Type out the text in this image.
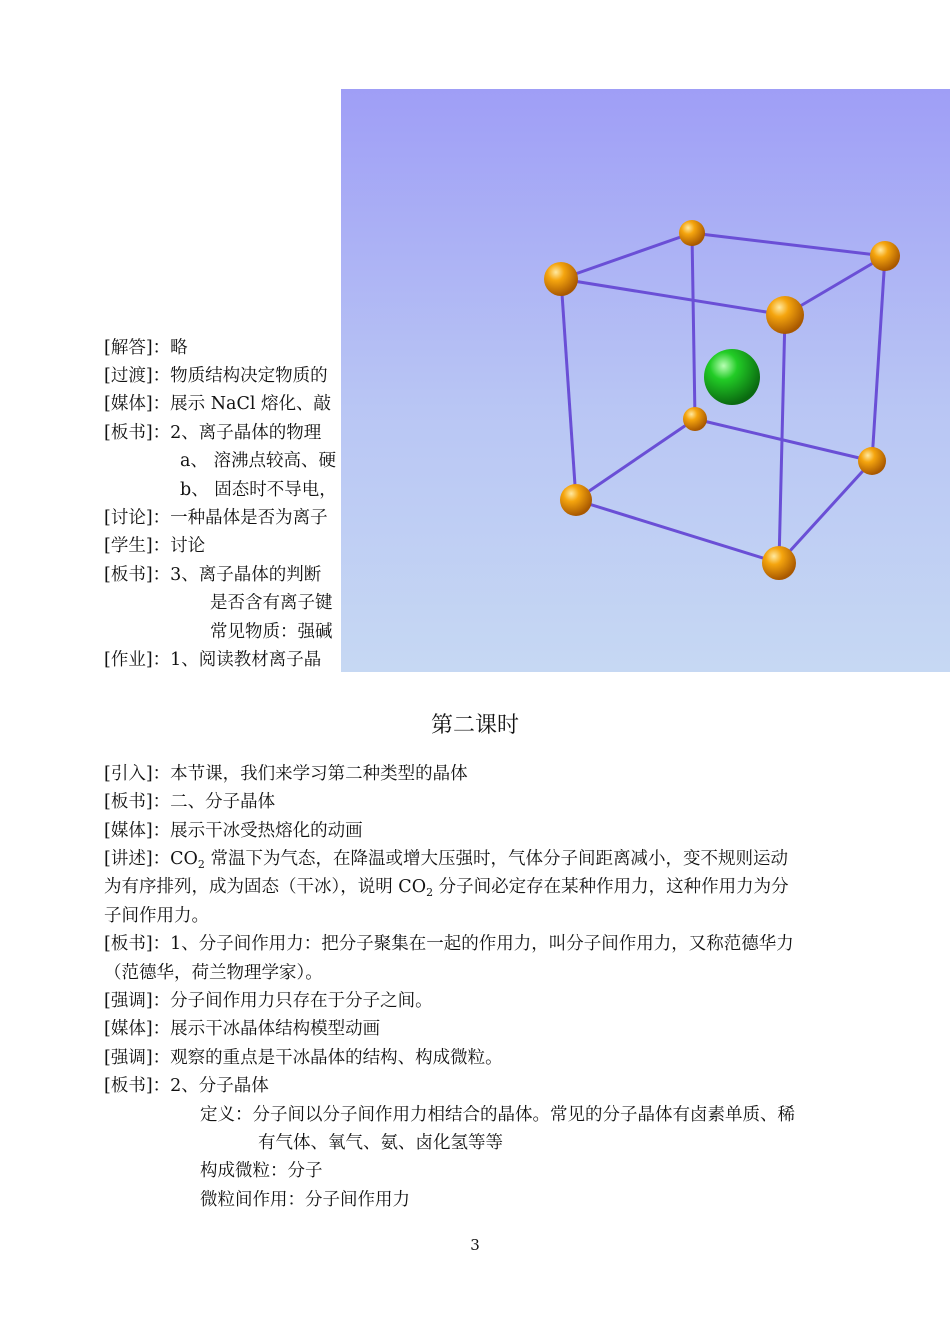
[解答]：略
[过渡]：物质结构决定物质的
[媒体]：展示 NaCl 熔化、敲
[板书]：2、离子晶体的物理
a、 溶沸点较高、硬
b、 固态时不导电，
[讨论]：一种晶体是否为离子
[学生]：讨论
[板书]：3、离子晶体的判断
是否含有离子键
常见物质：强碱
[作业]：1、阅读教材离子晶
第二课时
[引入]：本节课，我们来学习第二种类型的晶体
[板书]：二、分子晶体
[媒体]：展示干冰受热熔化的动画
[讲述]：$CO_2$ 常温下为气态，在降温或增大压强时，气体分子间距离减小，变不规则运动
为有序排列，成为固态（干冰），说明 $CO_2$ 分子间必定存在某种作用力，这种作用力为分
子间作用力。
[板书]：1、分子间作用力：把分子聚集在一起的作用力，叫分子间作用力，又称范德华力
（范德华，荷兰物理学家）。
[强调]：分子间作用力只存在于分子之间。
[媒体]：展示干冰晶体结构模型动画
[强调]：观察的重点是干冰晶体的结构、构成微粒。
[板书]：2、分子晶体
定义：分子间以分子间作用力相结合的晶体。常见的分子晶体有卤素单质、稀
有气体、氧气、氨、卤化氢等等
构成微粒：分子
微粒间作用：分子间作用力
3
